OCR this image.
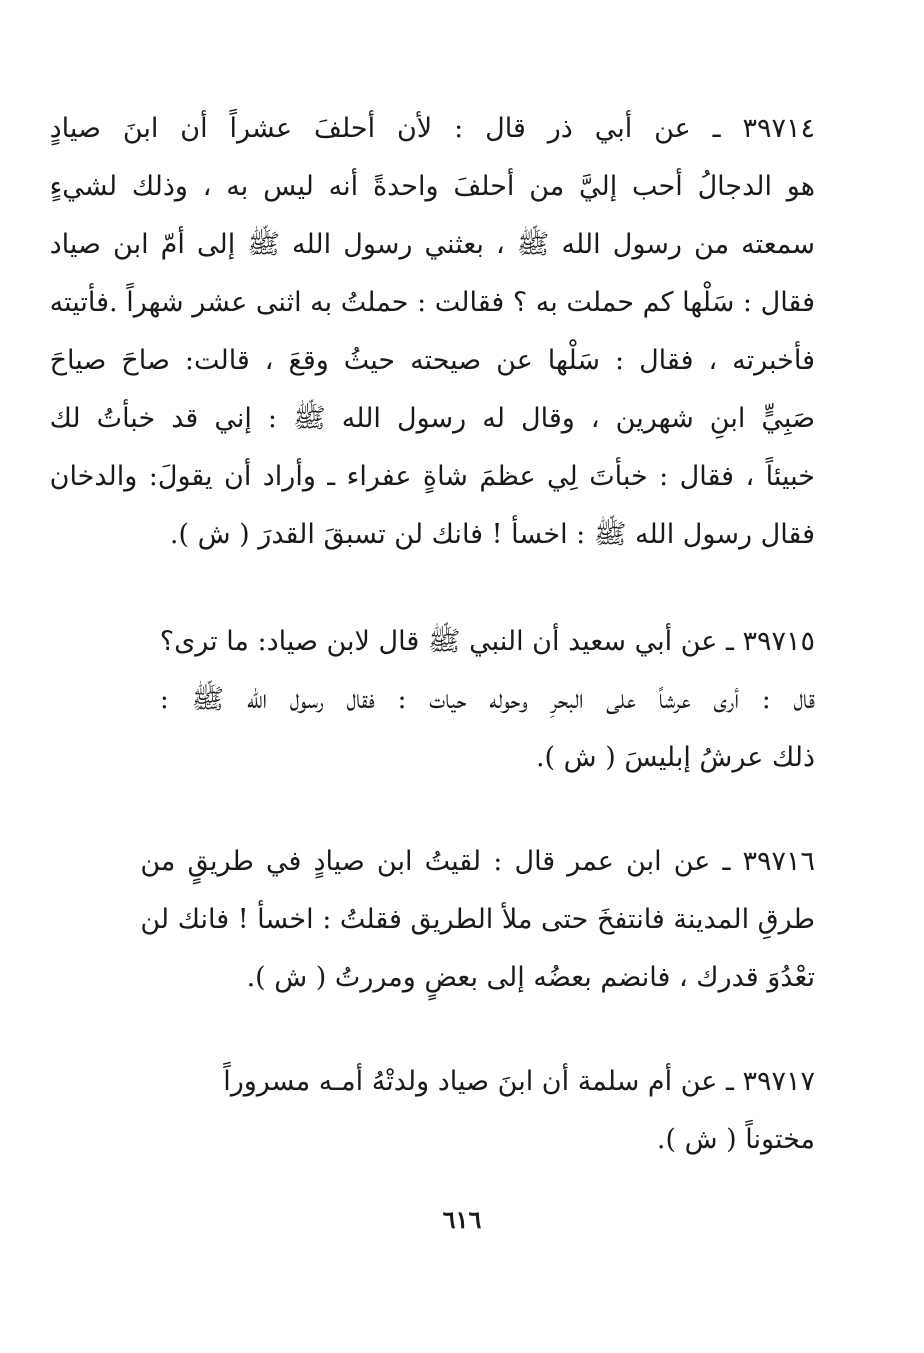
٣٩٧١٤ ـ عن أبي ذر قال : لأن أحلفَ عشراً أن ابنَ صيادٍ
هو الدجالُ أحب إليَّ من أحلفَ واحدةً أنه ليس به ، وذلك لشيءٍ
سمعته من رسول الله ﷺ ، بعثني رسول الله ﷺ إلى أمّ ابن صياد
فقال : سَلْها كم حملت به ؟ فقالت : حملتُ به اثنى عشر شهراً .فأتيته
فأخبرته ، فقال : سَلْها عن صيحته حيثُ وقعَ ، قالت: صاحَ صياحَ
صَبِيٍّ ابنِ شهرين ، وقال له رسول الله ﷺ : إني قد خبأتُ لك
خبيئاً ، فقال : خبأتَ لِي عظمَ شاةٍ عفراء ـ وأراد أن يقولَ: والدخان
فقال رسول الله ﷺ : اخسأ ! فانك لن تسبقَ القدرَ ( ش ).
٣٩٧١٥ ـ عن أبي سعيد أن النبي ﷺ قال لابن صياد: ما ترى؟
قال : أرى عرشاً على البحرِ وحوله حيات : فقال رسول الله ﷺ :
ذلك عرشُ إبليسَ ( ش ).
٣٩٧١٦ ـ عن ابن عمر قال : لقيتُ ابن صيادٍ في طريقٍ من
طرقِ المدينة فانتفخَ حتى ملأ الطريق فقلتُ : اخسأ ! فانك لن
تعْدُوَ قدرك ، فانضم بعضُه إلى بعضٍ ومررتُ ( ش ).
٣٩٧١٧ ـ عن أم سلمة أن ابنَ صياد ولدتْهُ أمـه مسروراً
مختوناً ( ش ).
٦١٦
